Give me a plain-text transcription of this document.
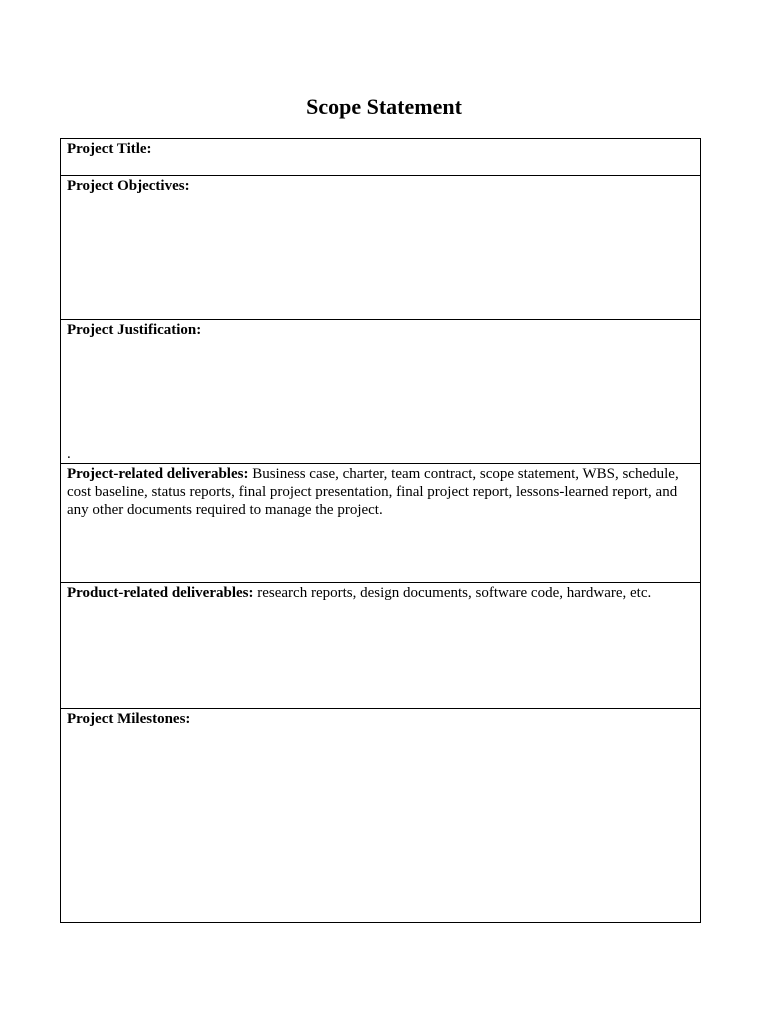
Scope Statement
Project Title:
Project Objectives:
Project Justification:
.

Project-related deliverables: Business case, charter, team contract, scope statement, WBS, schedule, cost baseline, status reports, final project presentation, final project report, lessons-learned report, and any other documents required to manage the project.
Product-related deliverables: research reports, design documents, software code, hardware, etc.
Project Milestones:
